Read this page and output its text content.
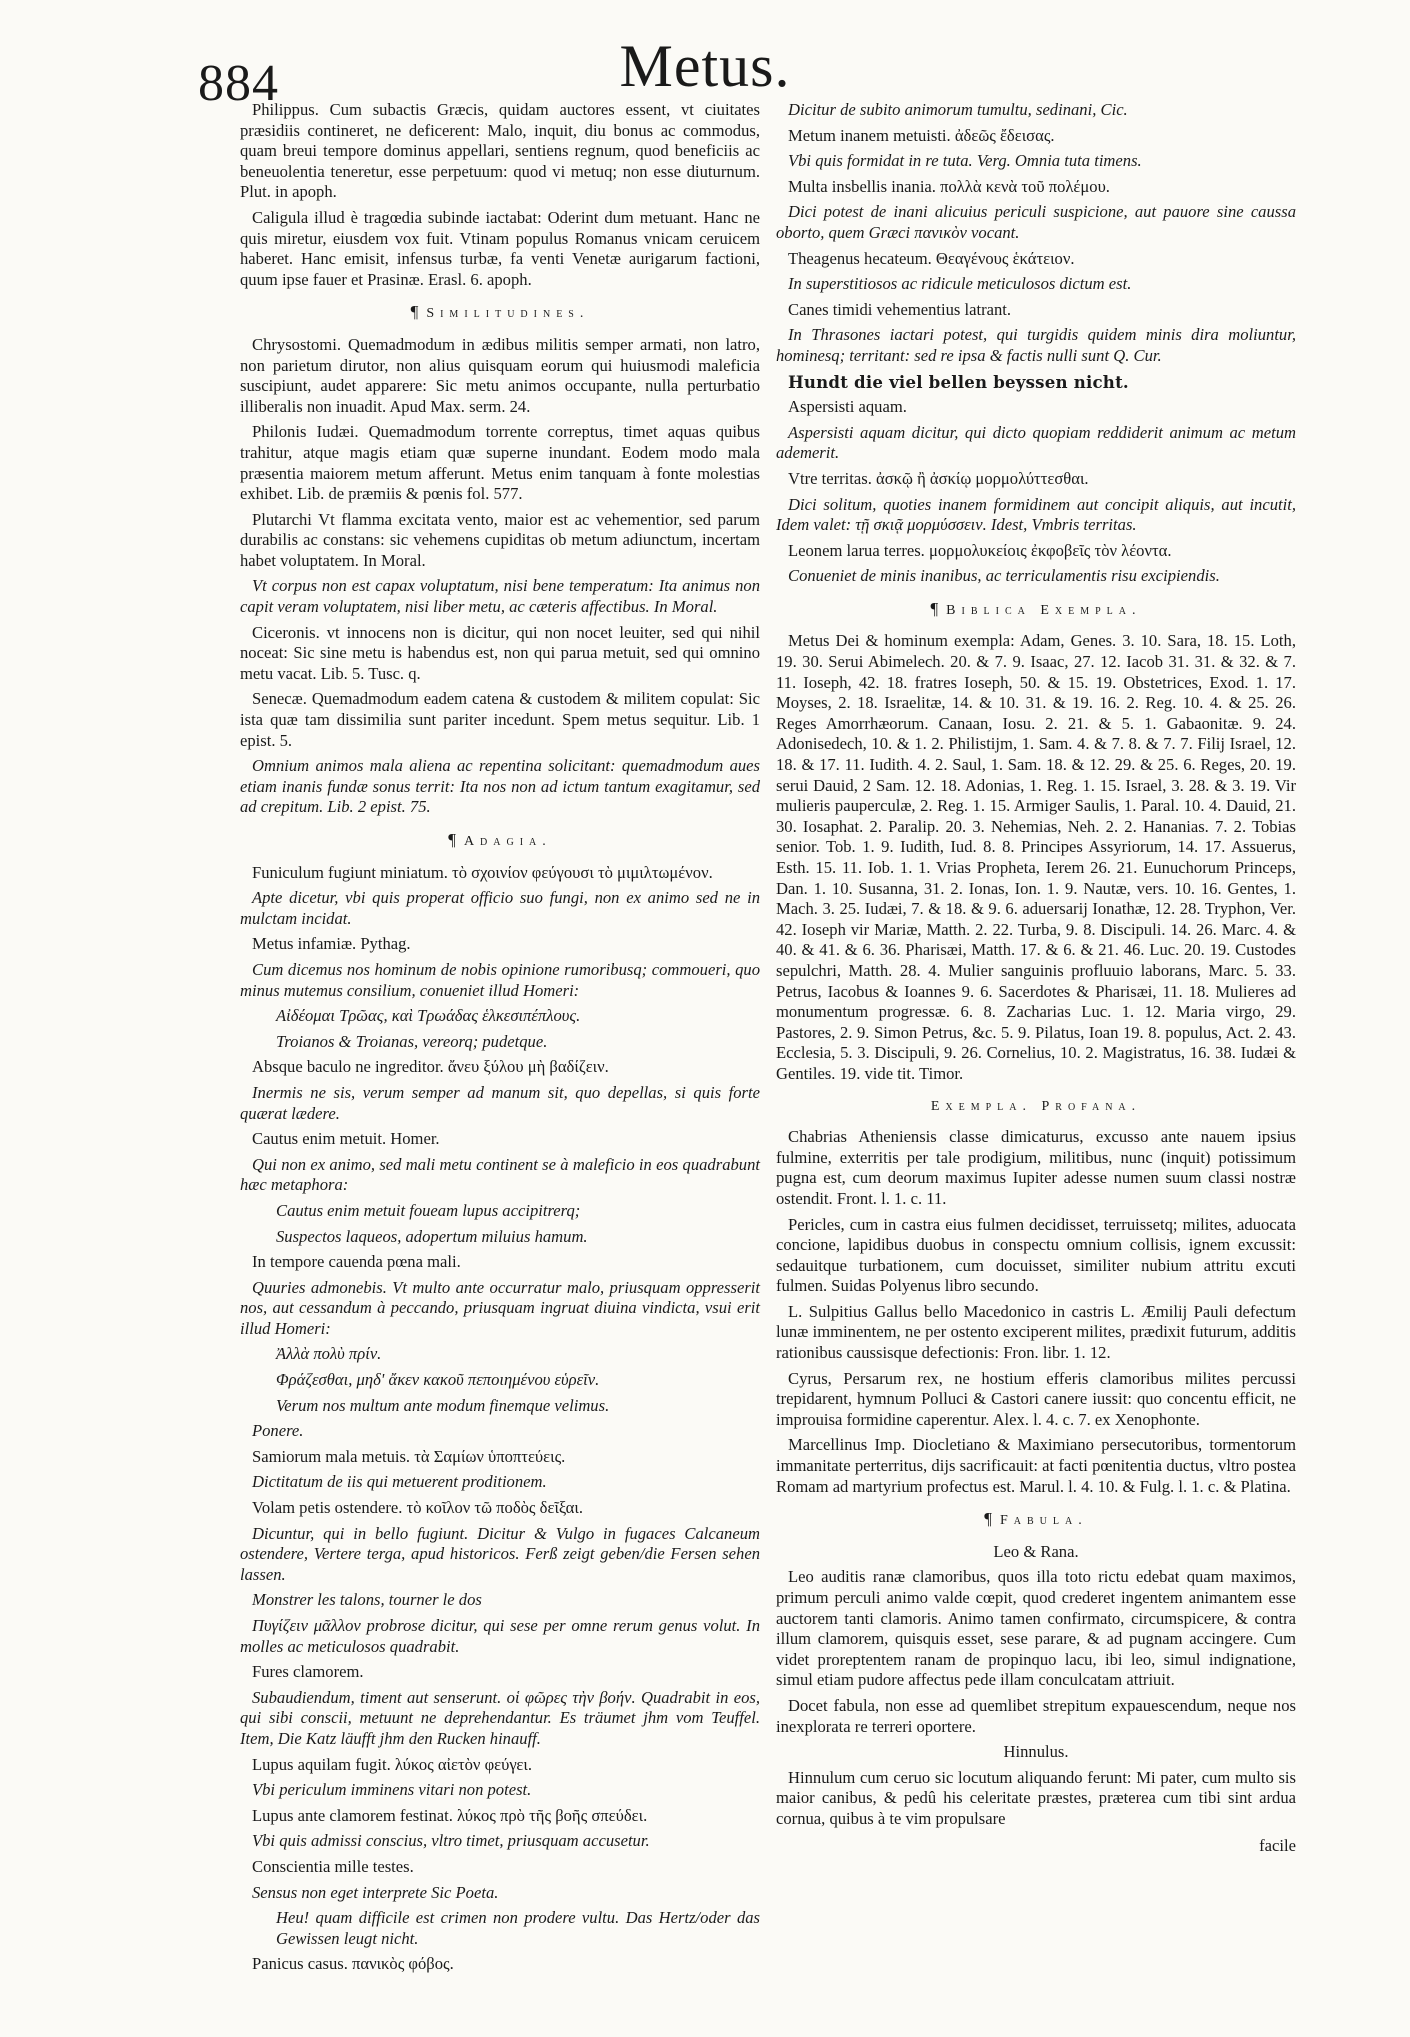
884	Metus.

Philippus. Cum subactis Græcis, quidam auctores essent, vt ciuitates præsidiis contineret, ne deficerent: Malo, inquit, diu bonus ac commodus, quam breui tempore dominus appellari, sentiens regnum, quod beneficiis ac beneuolentia teneretur, esse perpetuum: quod vi metuq; non esse diuturnum. Plut. in apoph.

Caligula illud è tragœdia subinde iactabat: Oderint dum metuant. Hanc ne quis miretur, eiusdem vox fuit. Vtinam populus Romanus vnicam ceruicem haberet. Hanc emisit, infensus turbæ, fa venti Venetæ aurigarum factioni, quum ipse fauer et Prasinæ. Erasl. 6. apoph.

¶ Similitudines.

Chrysostomi. Quemadmodum in ædibus militis semper armati, non latro, non parietum dirutor, non alius quisquam eorum qui huiusmodi maleficia suscipiunt, audet apparere: Sic metu animos occupante, nulla perturbatio illiberalis non inuadit. Apud Max. serm. 24.

Philonis Iudæi. Quemadmodum torrente correptus, timet aquas quibus trahitur, atque magis etiam quæ superne inundant. Eodem modo mala præsentia maiorem metum afferunt. Metus enim tanquam à fonte molestias exhibet. Lib. de præmiis & pœnis fol. 577.

Plutarchi Vt flamma excitata vento, maior est ac vehementior, sed parum durabilis ac constans: sic vehemens cupiditas ob metum adiunctum, incertam habet voluptatem. In Moral.

Vt corpus non est capax voluptatum, nisi bene temperatum: Ita animus non capit veram voluptatem, nisi liber metu, ac cæteris affectibus. In Moral.

Ciceronis. vt innocens non is dicitur, qui non nocet leuiter, sed qui nihil noceat: Sic sine metu is habendus est, non qui parua metuit, sed qui omnino metu vacat. Lib. 5. Tusc. q.

Senecæ. Quemadmodum eadem catena & custodem & militem copulat: Sic ista quæ tam dissimilia sunt pariter incedunt. Spem metus sequitur. Lib. 1 epist. 5.

Omnium animos mala aliena ac repentina solicitant: quemadmodum aues etiam inanis fundæ sonus territ: Ita nos non ad ictum tantum exagitamur, sed ad crepitum. Lib. 2 epist. 75.

¶ Adagia.

Funiculum fugiunt miniatum. τὸ σχοινίον φεύγουσι τὸ μιμιλτωμένον.

Apte dicetur, vbi quis properat officio suo fungi, non ex animo sed ne in mulctam incidat.

Metus infamiæ. Pythag.

Cum dicemus nos hominum de nobis opinione rumoribusq; commoueri, quo minus mutemus consilium, conueniet illud Homeri:

Αἰδέομαι Τρῶας, καὶ Τρωάδας ἑλκεσιπέπλους.

Troianos & Troianas, vereorq; pudetque.

Absque baculo ne ingreditor. ἄνευ ξύλου μὴ βαδίζειν.

Inermis ne sis, verum semper ad manum sit, quo depellas, si quis forte quærat lædere.

Cautus enim metuit. Homer.

Qui non ex animo, sed mali metu continent se à maleficio in eos quadrabunt hæc metaphora:

Cautus enim metuit foueam lupus accipitrerq;

Suspectos laqueos, adopertum miluius hamum.

In tempore cauenda pœna mali.

Quuries admonebis. Vt multo ante occurratur malo, priusquam oppresserit nos, aut cessandum à peccando, priusquam ingruat diuina vindicta, vsui erit illud Homeri:

Ἀλλὰ πολὺ πρίν.

Φράζεσθαι, μηδ' ἄκεν κακοῦ πεποιημένου εὑρεῖν.

Verum nos multum ante modum finemque velimus.

Ponere.

Samiorum mala metuis. τὰ Σαμίων ὑποπτεύεις.

Dictitatum de iis qui metuerent proditionem.

Volam petis ostendere. τὸ κοῖλον τῶ ποδὸς δεῖξαι.

Dicuntur, qui in bello fugiunt. Dicitur & Vulgo in fugaces Calcaneum ostendere, Vertere terga, apud historicos. Ferß zeigt geben/die Fersen sehen lassen.

Monstrer les talons, tourner le dos

Πυγίζειν μᾶλλον probrose dicitur, qui sese per omne rerum genus volut. In molles ac meticulosos quadrabit.

Fures clamorem.

Subaudiendum, timent aut senserunt. οἱ φῶρες τὴν βοήν. Quadrabit in eos, qui sibi conscii, metuunt ne deprehendantur. Es träumet jhm vom Teuffel. Item, Die Katz läufft jhm den Rucken hinauff.

Lupus aquilam fugit. λύκος αἰετὸν φεύγει.

Vbi periculum imminens vitari non potest.

Lupus ante clamorem festinat. λύκος πρὸ τῆς βοῆς σπεύδει.

Vbi quis admissi conscius, vltro timet, priusquam accusetur.

Conscientia mille testes.

Sensus non eget interprete Sic Poeta.

Heu! quam difficile est crimen non prodere vultu. Das Hertz/oder das Gewissen leugt nicht.

Panicus casus. πανικὸς φόβος.

Dicitur de subito animorum tumultu, sedinani, Cic.

Metum inanem metuisti. ἀδεῶς ἔδεισας.

Vbi quis formidat in re tuta. Verg. Omnia tuta timens.

Multa insbellis inania. πολλὰ κενὰ τοῦ πολέμου.

Dici potest de inani alicuius periculi suspicione, aut pauore sine caussa oborto, quem Græci πανικὸν vocant.

Theagenus hecateum. Θεαγένους ἑκάτειον.

In superstitiosos ac ridicule meticulosos dictum est.

Canes timidi vehementius latrant.

In Thrasones iactari potest, qui turgidis quidem minis dira moliuntur, hominesq; territant: sed re ipsa & factis nulli sunt Q. Cur.

Hundt die viel bellen beyssen nicht.

Aspersisti aquam.

Aspersisti aquam dicitur, qui dicto quopiam reddiderit animum ac metum ademerit.

Vtre territas. ἀσκῷ ἢ ἀσκίῳ μορμολύττεσθαι.

Dici solitum, quoties inanem formidinem aut concipit aliquis, aut incutit, Idem valet: τῇ σκιᾷ μορμύσσειν. Idest, Vmbris territas.

Leonem larua terres. μορμολυκείοις ἐκφοβεῖς τὸν λέοντα.

Conueniet de minis inanibus, ac terriculamentis risu excipiendis.

¶ Biblica Exempla.

Metus Dei & hominum exempla: Adam, Genes. 3. 10. Sara, 18. 15. Loth, 19. 30. Serui Abimelech. 20. & 7. 9. Isaac, 27. 12. Iacob 31. 31. & 32. & 7. 11. Ioseph, 42. 18. fratres Ioseph, 50. & 15. 19. Obstetrices, Exod. 1. 17. Moyses, 2. 18. Israelitæ, 14. & 10. 31. & 19. 16. 2. Reg. 10. 4. & 25. 26. Reges Amorrhæorum. Canaan, Iosu. 2. 21. & 5. 1. Gabaonitæ. 9. 24. Adonisedech, 10. & 1. 2. Philistijm, 1. Sam. 4. & 7. 8. & 7. 7. Filij Israel, 12. 18. & 17. 11. Iudith. 4. 2. Saul, 1. Sam. 18. & 12. 29. & 25. 6. Reges, 20. 19. serui Dauid, 2 Sam. 12. 18. Adonias, 1. Reg. 1. 15. Israel, 3. 28. & 3. 19. Vir mulieris pauperculæ, 2. Reg. 1. 15. Armiger Saulis, 1. Paral. 10. 4. Dauid, 21. 30. Iosaphat. 2. Paralip. 20. 3. Nehemias, Neh. 2. 2. Hananias. 7. 2. Tobias senior. Tob. 1. 9. Iudith, Iud. 8. 8. Principes Assyriorum, 14. 17. Assuerus, Esth. 15. 11. Iob. 1. 1. Vrias Propheta, Ierem 26. 21. Eunuchorum Princeps, Dan. 1. 10. Susanna, 31. 2. Ionas, Ion. 1. 9. Nautæ, vers. 10. 16. Gentes, 1. Mach. 3. 25. Iudæi, 7. & 18. & 9. 6. aduersarij Ionathæ, 12. 28. Tryphon, Ver. 42. Ioseph vir Mariæ, Matth. 2. 22. Turba, 9. 8. Discipuli. 14. 26. Marc. 4. & 40. & 41. & 6. 36. Pharisæi, Matth. 17. & 6. & 21. 46. Luc. 20. 19. Custodes sepulchri, Matth. 28. 4. Mulier sanguinis profluuio laborans, Marc. 5. 33. Petrus, Iacobus & Ioannes 9. 6. Sacerdotes & Pharisæi, 11. 18. Mulieres ad monumentum progressæ. 6. 8. Zacharias Luc. 1. 12. Maria virgo, 29. Pastores, 2. 9. Simon Petrus, &c. 5. 9. Pilatus, Ioan 19. 8. populus, Act. 2. 43. Ecclesia, 5. 3. Discipuli, 9. 26. Cornelius, 10. 2. Magistratus, 16. 38. Iudæi & Gentiles. 19. vide tit. Timor.

Exempla. Profana.

Chabrias Atheniensis classe dimicaturus, excusso ante nauem ipsius fulmine, exterritis per tale prodigium, militibus, nunc (inquit) potissimum pugna est, cum deorum maximus Iupiter adesse numen suum classi nostræ ostendit. Front. l. 1. c. 11.

Pericles, cum in castra eius fulmen decidisset, terruissetq; milites, aduocata concione, lapidibus duobus in conspectu omnium collisis, ignem excussit: sedauitque turbationem, cum docuisset, similiter nubium attritu excuti fulmen. Suidas Polyenus libro secundo.

L. Sulpitius Gallus bello Macedonico in castris L. Æmilij Pauli defectum lunæ imminentem, ne per ostento exciperent milites, prædixit futurum, additis rationibus caussisque defectionis: Fron. libr. 1. 12.

Cyrus, Persarum rex, ne hostium efferis clamoribus milites percussi trepidarent, hymnum Polluci & Castori canere iussit: quo concentu efficit, ne improuisa formidine caperentur. Alex. l. 4. c. 7. ex Xenophonte.

Marcellinus Imp. Diocletiano & Maximiano persecutoribus, tormentorum immanitate perterritus, dijs sacrificauit: at facti pœnitentia ductus, vltro postea Romam ad martyrium profectus est. Marul. l. 4. 10. & Fulg. l. 1. c. & Platina.

¶ Fabula.

Leo & Rana.

Leo auditis ranæ clamoribus, quos illa toto rictu edebat quam maximos, primum perculi animo valde cœpit, quod crederet ingentem animantem esse auctorem tanti clamoris. Animo tamen confirmato, circumspicere, & contra illum clamorem, quisquis esset, sese parare, & ad pugnam accingere. Cum videt proreptentem ranam de propinquo lacu, ibi leo, simul indignatione, simul etiam pudore affectus pede illam conculcatam attriuit.

Docet fabula, non esse ad quemlibet strepitum expauescendum, neque nos inexplorata re terreri oportere.

Hinnulus.

Hinnulum cum ceruo sic locutum aliquando ferunt: Mi pater, cum multo sis maior canibus, & pedû his celeritate præstes, præterea cum tibi sint ardua cornua, quibus à te vim propulsare

facile
